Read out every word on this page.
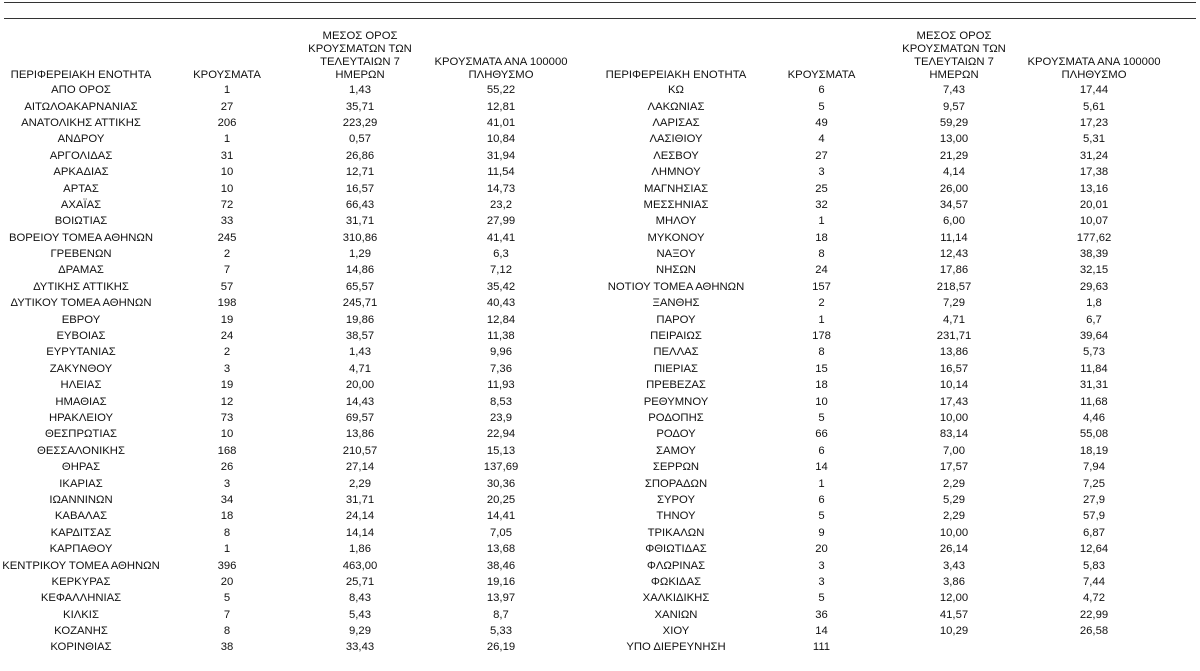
ΠΕΡΙΦΕΡΕΙΑΚΗ ΕΝΟΤΗΤΑ	ΚΡΟΥΣΜΑΤΑ	ΜΕΣΟΣ ΟΡΟΣ ΚΡΟΥΣΜΑΤΩΝ ΤΩΝ ΤΕΛΕΥΤΑΙΩΝ 7 ΗΜΕΡΩΝ	ΚΡΟΥΣΜΑΤΑ ΑΝΑ 100000 ΠΛΗΘΥΣΜΟ
ΑΠΟ ΟΡΟΣ	1	1,43	55,22
ΑΙΤΩΛΟΑΚΑΡΝΑΝΙΑΣ	27	35,71	12,81
ΑΝΑΤΟΛΙΚΗΣ ΑΤΤΙΚΗΣ	206	223,29	41,01
ΑΝΔΡΟΥ	1	0,57	10,84
ΑΡΓΟΛΙΔΑΣ	31	26,86	31,94
ΑΡΚΑΔΙΑΣ	10	12,71	11,54
ΑΡΤΑΣ	10	16,57	14,73
ΑΧΑΪΑΣ	72	66,43	23,2
ΒΟΙΩΤΙΑΣ	33	31,71	27,99
ΒΟΡΕΙΟΥ ΤΟΜΕΑ ΑΘΗΝΩΝ	245	310,86	41,41
ΓΡΕΒΕΝΩΝ	2	1,29	6,3
ΔΡΑΜΑΣ	7	14,86	7,12
ΔΥΤΙΚΗΣ ΑΤΤΙΚΗΣ	57	65,57	35,42
ΔΥΤΙΚΟΥ ΤΟΜΕΑ ΑΘΗΝΩΝ	198	245,71	40,43
ΕΒΡΟΥ	19	19,86	12,84
ΕΥΒΟΙΑΣ	24	38,57	11,38
ΕΥΡΥΤΑΝΙΑΣ	2	1,43	9,96
ΖΑΚΥΝΘΟΥ	3	4,71	7,36
ΗΛΕΙΑΣ	19	20,00	11,93
ΗΜΑΘΙΑΣ	12	14,43	8,53
ΗΡΑΚΛΕΙΟΥ	73	69,57	23,9
ΘΕΣΠΡΩΤΙΑΣ	10	13,86	22,94
ΘΕΣΣΑΛΟΝΙΚΗΣ	168	210,57	15,13
ΘΗΡΑΣ	26	27,14	137,69
ΙΚΑΡΙΑΣ	3	2,29	30,36
ΙΩΑΝΝΙΝΩΝ	34	31,71	20,25
ΚΑΒΑΛΑΣ	18	24,14	14,41
ΚΑΡΔΙΤΣΑΣ	8	14,14	7,05
ΚΑΡΠΑΘΟΥ	1	1,86	13,68
ΚΕΝΤΡΙΚΟΥ ΤΟΜΕΑ ΑΘΗΝΩΝ	396	463,00	38,46
ΚΕΡΚΥΡΑΣ	20	25,71	19,16
ΚΕΦΑΛΛΗΝΙΑΣ	5	8,43	13,97
ΚΙΛΚΙΣ	7	5,43	8,7
ΚΟΖΑΝΗΣ	8	9,29	5,33
ΚΟΡΙΝΘΙΑΣ	38	33,43	26,19
ΠΕΡΙΦΕΡΕΙΑΚΗ ΕΝΟΤΗΤΑ	ΚΡΟΥΣΜΑΤΑ	ΜΕΣΟΣ ΟΡΟΣ ΚΡΟΥΣΜΑΤΩΝ ΤΩΝ ΤΕΛΕΥΤΑΙΩΝ 7 ΗΜΕΡΩΝ	ΚΡΟΥΣΜΑΤΑ ΑΝΑ 100000 ΠΛΗΘΥΣΜΟ
ΚΩ	6	7,43	17,44
ΛΑΚΩΝΙΑΣ	5	9,57	5,61
ΛΑΡΙΣΑΣ	49	59,29	17,23
ΛΑΣΙΘΙΟΥ	4	13,00	5,31
ΛΕΣΒΟΥ	27	21,29	31,24
ΛΗΜΝΟΥ	3	4,14	17,38
ΜΑΓΝΗΣΙΑΣ	25	26,00	13,16
ΜΕΣΣΗΝΙΑΣ	32	34,57	20,01
ΜΗΛΟΥ	1	6,00	10,07
ΜΥΚΟΝΟΥ	18	11,14	177,62
ΝΑΞΟΥ	8	12,43	38,39
ΝΗΣΩΝ	24	17,86	32,15
ΝΟΤΙΟΥ ΤΟΜΕΑ ΑΘΗΝΩΝ	157	218,57	29,63
ΞΑΝΘΗΣ	2	7,29	1,8
ΠΑΡΟΥ	1	4,71	6,7
ΠΕΙΡΑΙΩΣ	178	231,71	39,64
ΠΕΛΛΑΣ	8	13,86	5,73
ΠΙΕΡΙΑΣ	15	16,57	11,84
ΠΡΕΒΕΖΑΣ	18	10,14	31,31
ΡΕΘΥΜΝΟΥ	10	17,43	11,68
ΡΟΔΟΠΗΣ	5	10,00	4,46
ΡΟΔΟΥ	66	83,14	55,08
ΣΑΜΟΥ	6	7,00	18,19
ΣΕΡΡΩΝ	14	17,57	7,94
ΣΠΟΡΑΔΩΝ	1	2,29	7,25
ΣΥΡΟΥ	6	5,29	27,9
ΤΗΝΟΥ	5	2,29	57,9
ΤΡΙΚΑΛΩΝ	9	10,00	6,87
ΦΘΙΩΤΙΔΑΣ	20	26,14	12,64
ΦΛΩΡΙΝΑΣ	3	3,43	5,83
ΦΩΚΙΔΑΣ	3	3,86	7,44
ΧΑΛΚΙΔΙΚΗΣ	5	12,00	4,72
ΧΑΝΙΩΝ	36	41,57	22,99
ΧΙΟΥ	14	10,29	26,58
ΥΠΟ ΔΙΕΡΕΥΝΗΣΗ	111		
